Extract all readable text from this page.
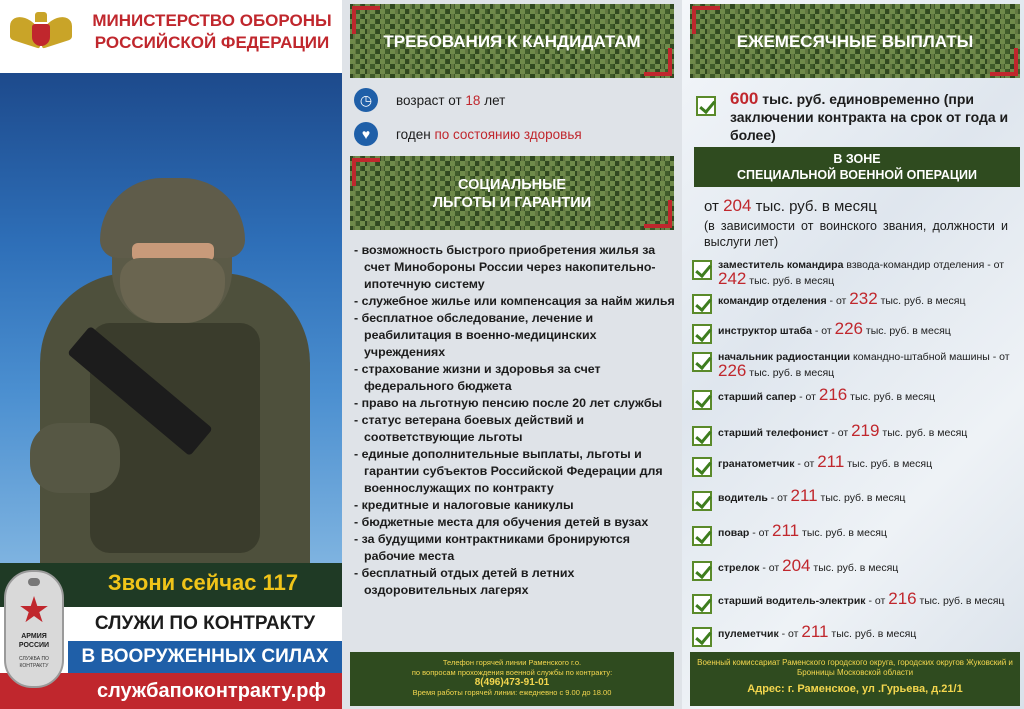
МИНИСТЕРСТВО ОБОРОНЫ РОССИЙСКОЙ ФЕДЕРАЦИИ
Звони сейчас 117
СЛУЖИ ПО КОНТРАКТУ
В ВООРУЖЕННЫХ СИЛАХ
службапоконтракту.рф
★
АРМИЯ
РОССИИ
СЛУЖБА ПО КОНТРАКТУ
ТРЕБОВАНИЯ К КАНДИДАТАМ
◷	возраст от 18 лет
♥	годен по состоянию здоровья
СОЦИАЛЬНЫЕ
ЛЬГОТЫ И ГАРАНТИИ
- возможность быстрого приобретения жилья за счет Минобороны России через накопительно-ипотечную систему
- служебное жилье или компенсация за найм жилья
- бесплатное обследование, лечение и реабилитация в военно-медицинских учреждениях
- страхование жизни и здоровья за счет федерального бюджета
- право на льготную пенсию после 20 лет службы
- статус ветерана боевых действий и соответствующие льготы
- единые дополнительные выплаты, льготы и гарантии субъектов Российской Федерации для военнослужащих по контракту
- кредитные и налоговые каникулы
- бюджетные места для обучения детей в вузах
- за будущими контрактниками бронируются рабочие места
- бесплатный отдых детей в летних оздоровительных лагерях
Телефон горячей линии Раменского г.о.
по вопросам прохождения военной службы по контракту:
8(496)473-91-01
Время работы горячей линии: ежедневно с 9.00 до 18.00
ЕЖЕМЕСЯЧНЫЕ ВЫПЛАТЫ
600 тыс. руб. единовременно (при заключении контракта на срок от года и более)
В ЗОНЕ
СПЕЦИАЛЬНОЙ ВОЕННОЙ ОПЕРАЦИИ
от 204 тыс. руб. в месяц
(в зависимости от воинского звания, должности и выслуги лет)
заместитель командира взвода-командир отделения - от 242 тыс. руб. в месяц
командир отделения - от 232 тыс. руб. в месяц
инструктор штаба - от 226 тыс. руб. в месяц
начальник радиостанции командно-штабной машины - от 226 тыс. руб. в месяц
старший сапер - от 216 тыс. руб. в месяц
старший телефонист - от 219 тыс. руб. в месяц
гранатометчик - от 211 тыс. руб. в месяц
водитель - от 211 тыс. руб. в месяц
повар - от 211 тыс. руб. в месяц
стрелок - от 204 тыс. руб. в месяц
старший водитель-электрик - от 216 тыс. руб. в месяц
пулеметчик - от 211 тыс. руб. в месяц
Военный комиссариат Раменского городского округа, городских округов Жуковский и Бронницы Московской области
Адрес: г. Раменское, ул .Гурьева, д.21/1
